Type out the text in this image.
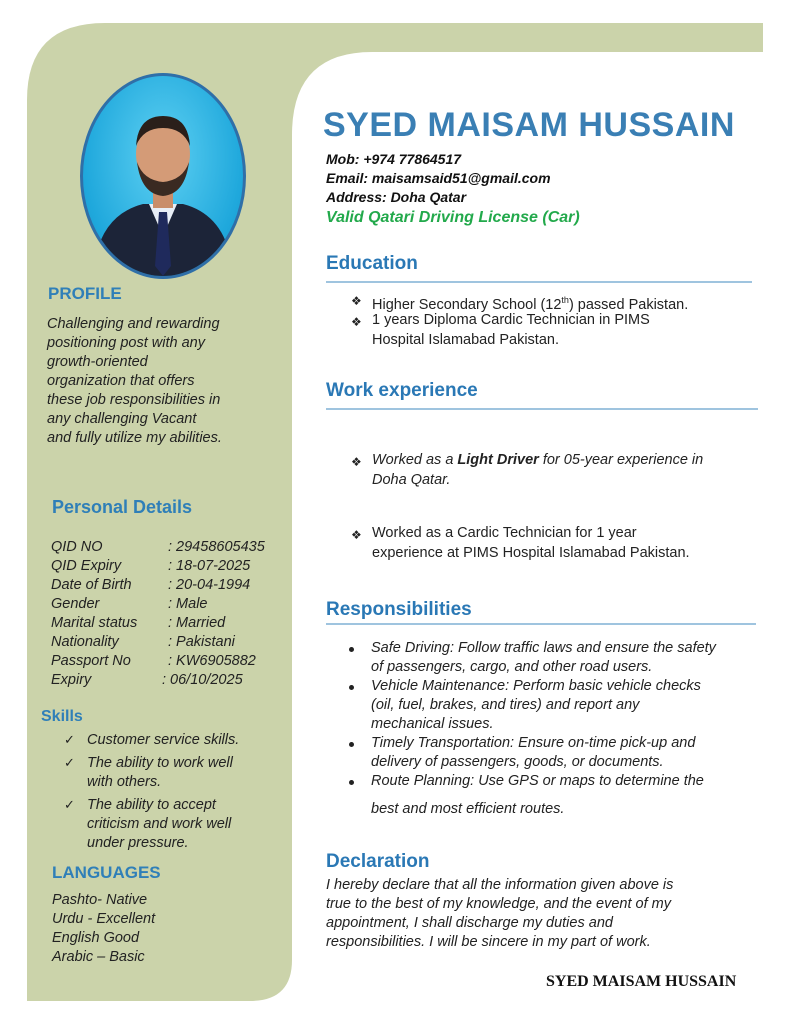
PROFILE
Challenging and rewarding
positioning post with any
growth-oriented
organization that offers
these job responsibilities in
any challenging Vacant
and fully utilize my abilities.
Personal Details
QID NO	: 29458605435
QID Expiry	: 18-07-2025
Date of Birth	: 20-04-1994
Gender	: Male
Marital status : Married
Nationality	: Pakistani
Passport No	: KW6905882
Expiry	: 06/10/2025
Skills
✓ Customer service skills.
✓ The ability to work well
with others.
✓ The ability to accept
criticism and work well
under pressure.
LANGUAGES
Pashto- Native
Urdu - Excellent
English Good
Arabic – Basic
SYED MAISAM HUSSAIN
Mob: +974 77864517
Email: maisamsaid51@gmail.com
Address: Doha Qatar
Valid Qatari Driving License (Car)
Education
❖ Higher Secondary School (12th) passed Pakistan.
❖ 1 years Diploma Cardic Technician in PIMS
Hospital Islamabad Pakistan.
Work experience
❖ Worked as a Light Driver for 05-year experience in
Doha Qatar.
❖ Worked as a Cardic Technician for 1 year
experience at PIMS Hospital Islamabad Pakistan.
Responsibilities
Safe Driving: Follow traffic laws and ensure the safety
of passengers, cargo, and other road users.
Vehicle Maintenance: Perform basic vehicle checks
(oil, fuel, brakes, and tires) and report any
mechanical issues.
Timely Transportation: Ensure on-time pick-up and
delivery of passengers, goods, or documents.
Route Planning: Use GPS or maps to determine the
best and most efficient routes.
Declaration
I hereby declare that all the information given above is
true to the best of my knowledge, and the event of my
appointment, I shall discharge my duties and
responsibilities. I will be sincere in my part of work.
SYED MAISAM HUSSAIN
